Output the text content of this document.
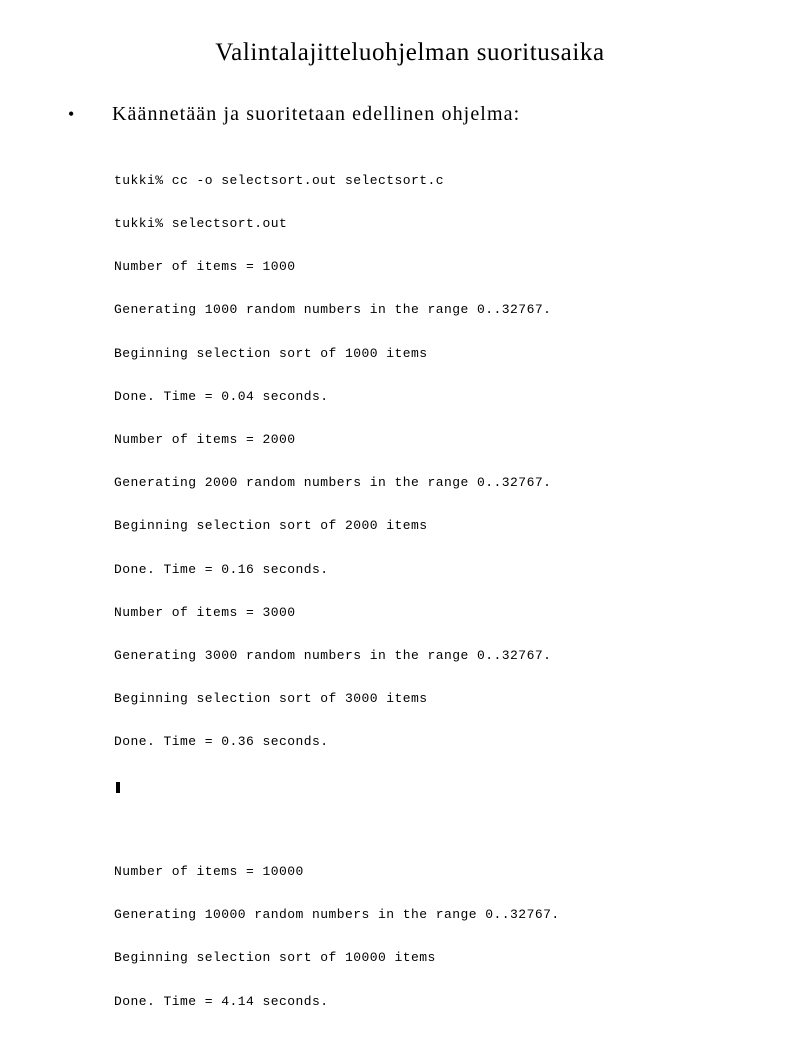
Valintalajitteluohjelman suoritusaika
• Käännetään ja suoritetaan edellinen ohjelma:

tukki% cc -o selectsort.out selectsort.c

tukki% selectsort.out

Number of items = 1000

Generating 1000 random numbers in the range 0..32767.

Beginning selection sort of 1000 items

Done. Time = 0.04 seconds.

Number of items = 2000

Generating 2000 random numbers in the range 0..32767.

Beginning selection sort of 2000 items

Done. Time = 0.16 seconds.

Number of items = 3000

Generating 3000 random numbers in the range 0..32767.

Beginning selection sort of 3000 items

Done. Time = 0.36 seconds.

Number of items = 10000

Generating 10000 random numbers in the range 0..32767.

Beginning selection sort of 10000 items

Done. Time = 4.14 seconds.
